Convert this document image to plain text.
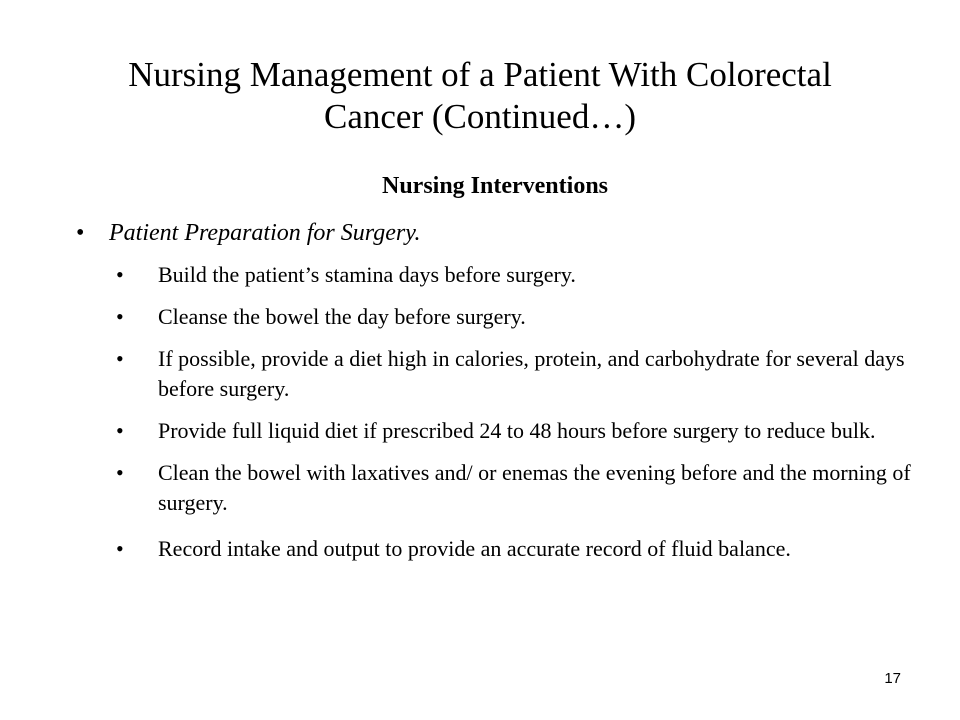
Nursing Management of a Patient With Colorectal
Cancer (Continued…)
Nursing Interventions
• Patient Preparation for Surgery.
• Build the patient’s stamina days before surgery.
• Cleanse the bowel the day before surgery.
• If possible, provide a diet high in calories, protein, and carbohydrate for several days before surgery.
• Provide full liquid diet if prescribed 24 to 48 hours before surgery to reduce bulk.
• Clean the bowel with laxatives and/ or enemas the evening before and the morning of surgery.
• Record intake and output to provide an accurate record of fluid balance.
17
